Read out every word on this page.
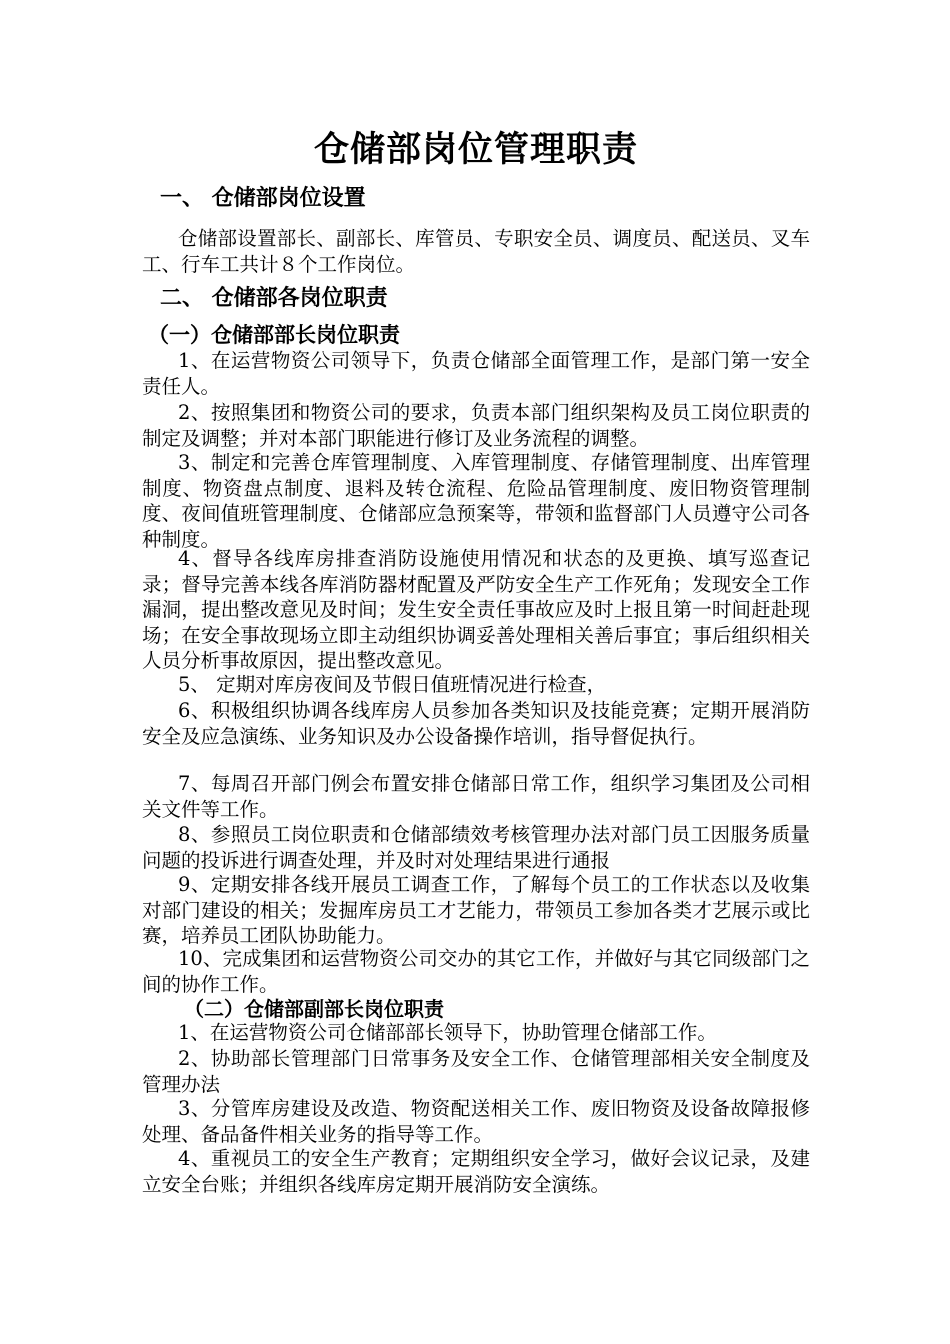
仓储部岗位管理职责
一、 仓储部岗位设置

仓储部设置部长、副部长、库管员、专职安全员、调度员、配送员、叉车工、行车工共计８个工作岗位。

二、 仓储部各岗位职责
（一）仓储部部长岗位职责

1、在运营物资公司领导下，负责仓储部全面管理工作，是部门第一安全责任人。

2、按照集团和物资公司的要求，负责本部门组织架构及员工岗位职责的制定及调整；并对本部门职能进行修订及业务流程的调整。

3、制定和完善仓库管理制度、入库管理制度、存储管理制度、出库管理制度、物资盘点制度、退料及转仓流程、危险品管理制度、废旧物资管理制度、夜间值班管理制度、仓储部应急预案等，带领和监督部门人员遵守公司各种制度。

4、督导各线库房排查消防设施使用情况和状态的及更换、填写巡查记录；督导完善本线各库消防器材配置及严防安全生产工作死角；发现安全工作漏洞，提出整改意见及时间；发生安全责任事故应及时上报且第一时间赶赴现场；在安全事故现场立即主动组织协调妥善处理相关善后事宜；事后组织相关人员分析事故原因，提出整改意见。

5、 定期对库房夜间及节假日值班情况进行检查，

6、积极组织协调各线库房人员参加各类知识及技能竞赛；定期开展消防安全及应急演练、业务知识及办公设备操作培训，指导督促执行。

7、每周召开部门例会布置安排仓储部日常工作，组织学习集团及公司相关文件等工作。

8、参照员工岗位职责和仓储部绩效考核管理办法对部门员工因服务质量问题的投诉进行调查处理，并及时对处理结果进行通报

9、定期安排各线开展员工调查工作，了解每个员工的工作状态以及收集对部门建设的相关；发掘库房员工才艺能力，带领员工参加各类才艺展示或比赛，培养员工团队协助能力。

10、完成集团和运营物资公司交办的其它工作，并做好与其它同级部门之间的协作工作。

（二）仓储部副部长岗位职责

1、在运营物资公司仓储部部长领导下，协助管理仓储部工作。

2、协助部长管理部门日常事务及安全工作、仓储管理部相关安全制度及管理办法

3、分管库房建设及改造、物资配送相关工作、废旧物资及设备故障报修处理、备品备件相关业务的指导等工作。

4、重视员工的安全生产教育；定期组织安全学习，做好会议记录，及建立安全台账；并组织各线库房定期开展消防安全演练。
